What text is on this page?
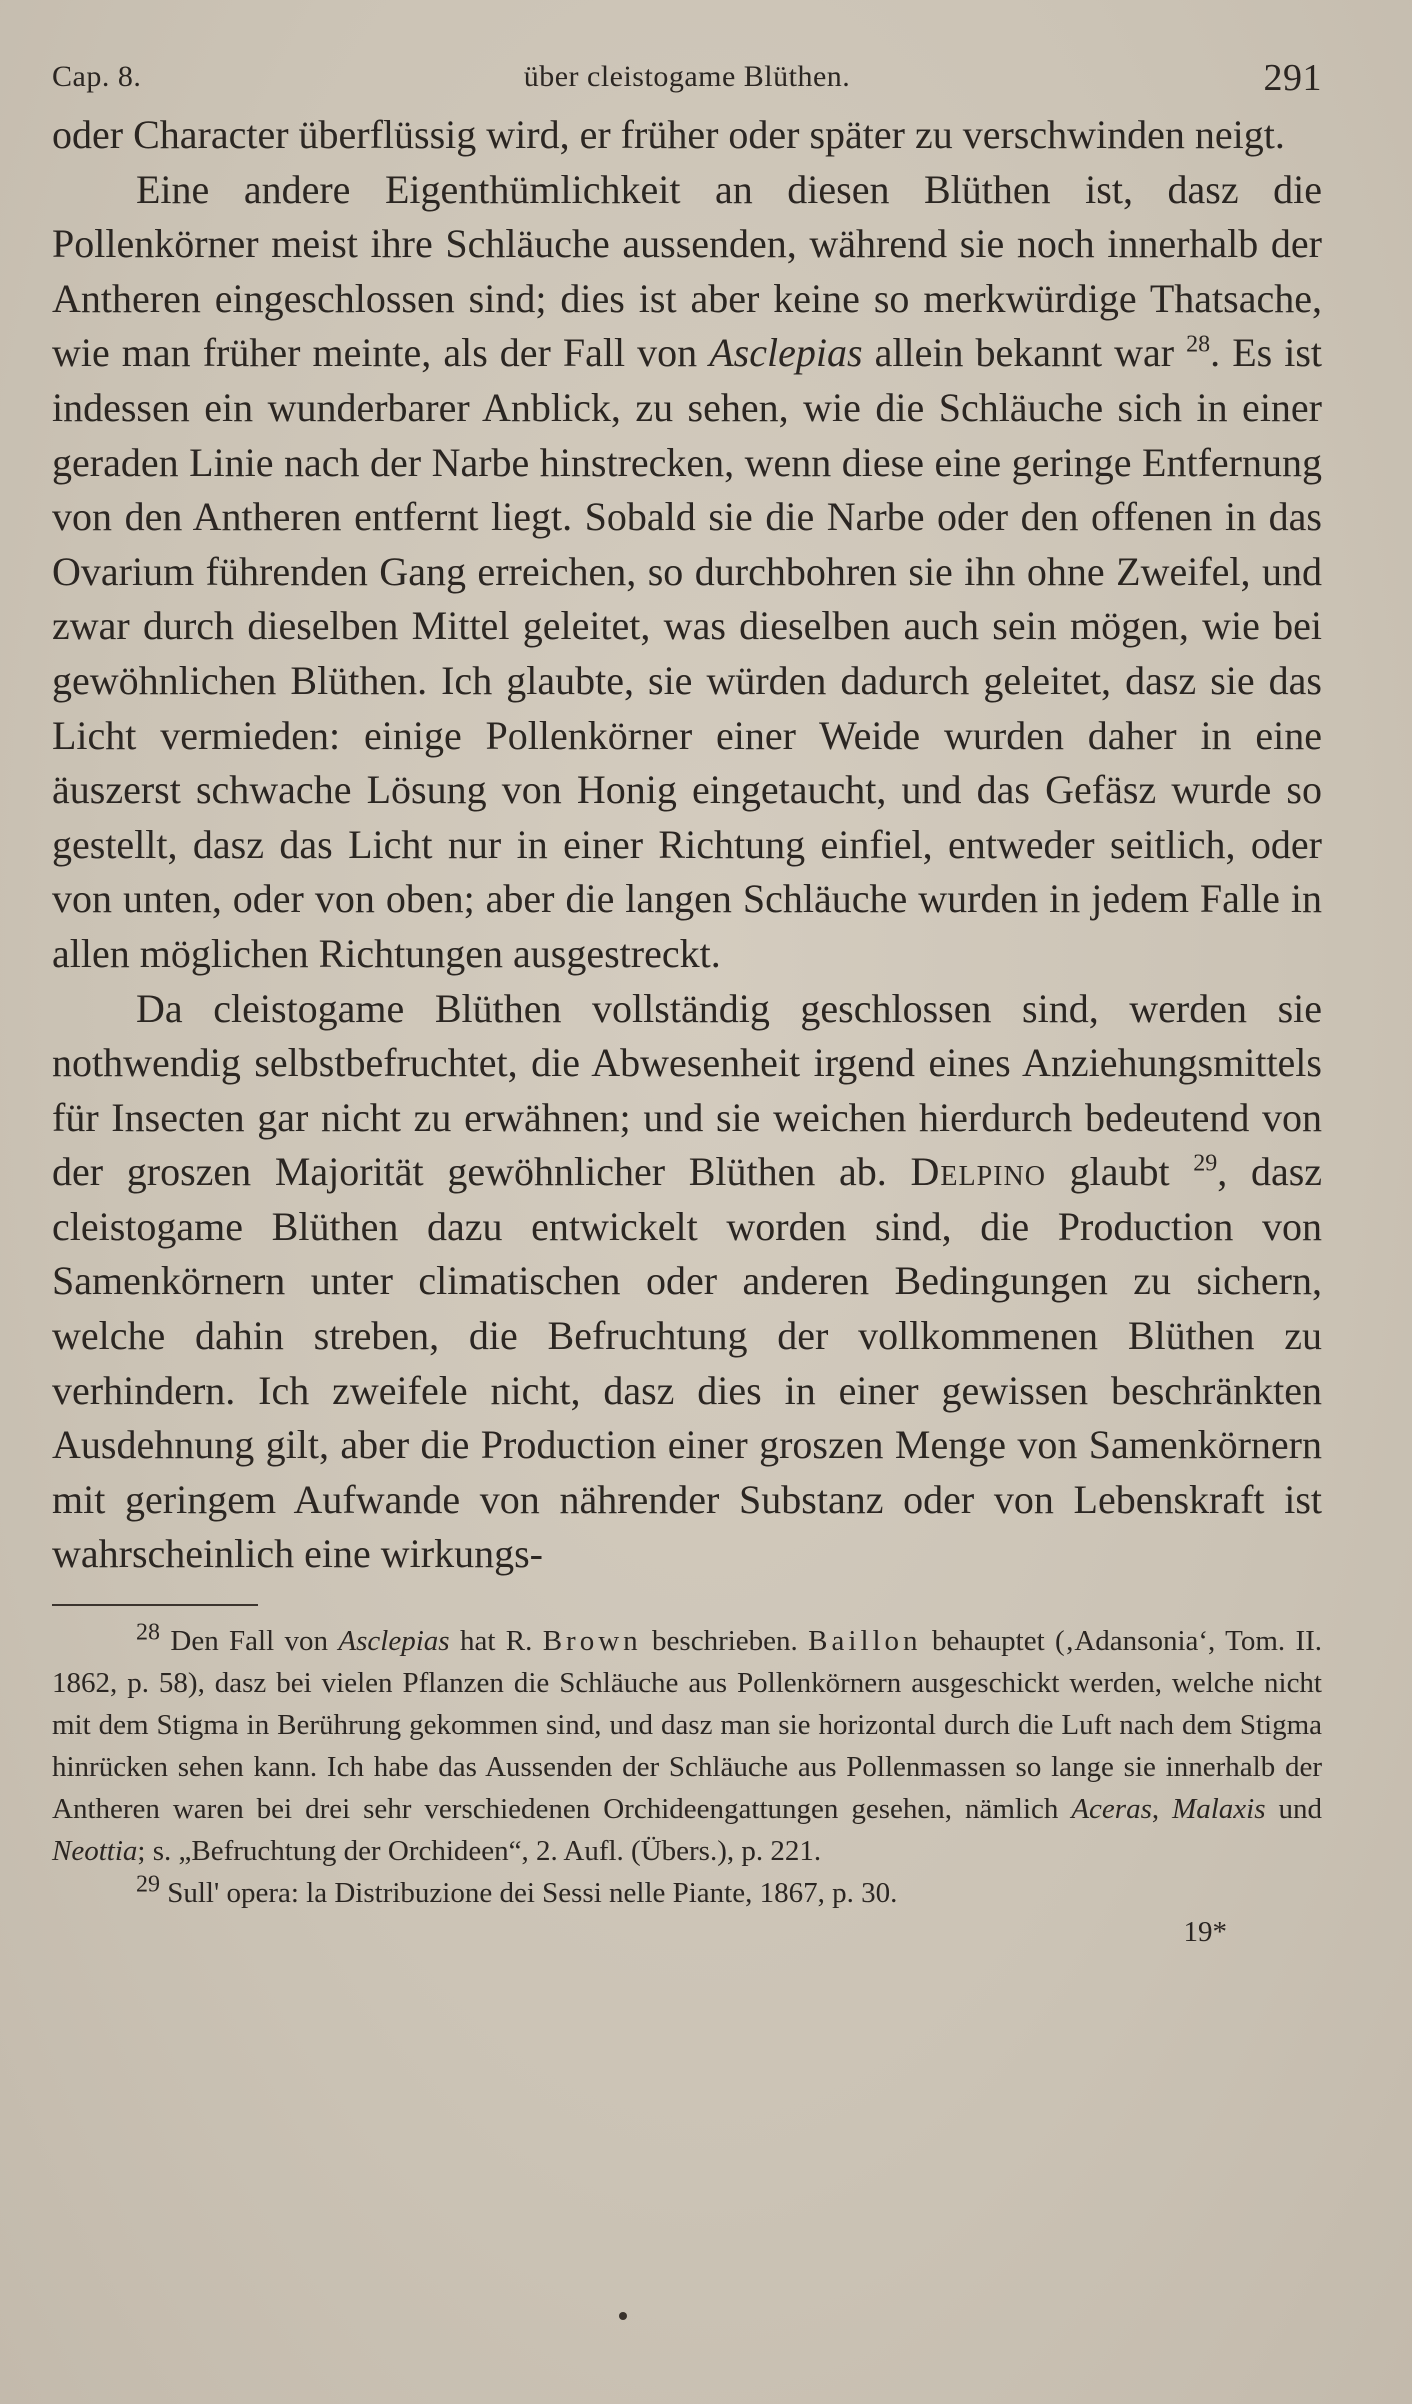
Cap. 8.	über cleistogame Blüthen.	291

oder Character überflüssig wird, er früher oder später zu verschwinden neigt.

Eine andere Eigenthümlichkeit an diesen Blüthen ist, dasz die Pollenkörner meist ihre Schläuche aussenden, während sie noch innerhalb der Antheren eingeschlossen sind; dies ist aber keine so merkwürdige Thatsache, wie man früher meinte, als der Fall von Asclepias allein bekannt war $^{28}$. Es ist indessen ein wunderbarer Anblick, zu sehen, wie die Schläuche sich in einer geraden Linie nach der Narbe hinstrecken, wenn diese eine geringe Entfernung von den Antheren entfernt liegt. Sobald sie die Narbe oder den offenen in das Ovarium führenden Gang erreichen, so durchbohren sie ihn ohne Zweifel, und zwar durch dieselben Mittel geleitet, was dieselben auch sein mögen, wie bei gewöhnlichen Blüthen. Ich glaubte, sie würden dadurch geleitet, dasz sie das Licht vermieden: einige Pollenkörner einer Weide wurden daher in eine äuszerst schwache Lösung von Honig eingetaucht, und das Gefäsz wurde so gestellt, dasz das Licht nur in einer Richtung einfiel, entweder seitlich, oder von unten, oder von oben; aber die langen Schläuche wurden in jedem Falle in allen möglichen Richtungen ausgestreckt.

Da cleistogame Blüthen vollständig geschlossen sind, werden sie nothwendig selbstbefruchtet, die Abwesenheit irgend eines Anziehungsmittels für Insecten gar nicht zu erwähnen; und sie weichen hierdurch bedeutend von der groszen Majorität gewöhnlicher Blüthen ab. Delpino glaubt $^{29}$, dasz cleistogame Blüthen dazu entwickelt worden sind, die Production von Samenkörnern unter climatischen oder anderen Bedingungen zu sichern, welche dahin streben, die Befruchtung der vollkommenen Blüthen zu verhindern. Ich zweifele nicht, dasz dies in einer gewissen beschränkten Ausdehnung gilt, aber die Production einer groszen Menge von Samenkörnern mit geringem Aufwande von nährender Substanz oder von Lebenskraft ist wahrscheinlich eine wirkungs-

$^{28}$ Den Fall von Asclepias hat R. Brown beschrieben. Baillon behauptet (‚Adansonia‘, Tom. II. 1862, p. 58), dasz bei vielen Pflanzen die Schläuche aus Pollenkörnern ausgeschickt werden, welche nicht mit dem Stigma in Berührung gekommen sind, und dasz man sie horizontal durch die Luft nach dem Stigma hinrücken sehen kann. Ich habe das Aussenden der Schläuche aus Pollenmassen so lange sie innerhalb der Antheren waren bei drei sehr verschiedenen Orchideengattungen gesehen, nämlich Aceras, Malaxis und Neottia; s. „Befruchtung der Orchideen“, 2. Aufl. (Übers.), p. 221.

$^{29}$ Sull' opera: la Distribuzione dei Sessi nelle Piante, 1867, p. 30.

19*
